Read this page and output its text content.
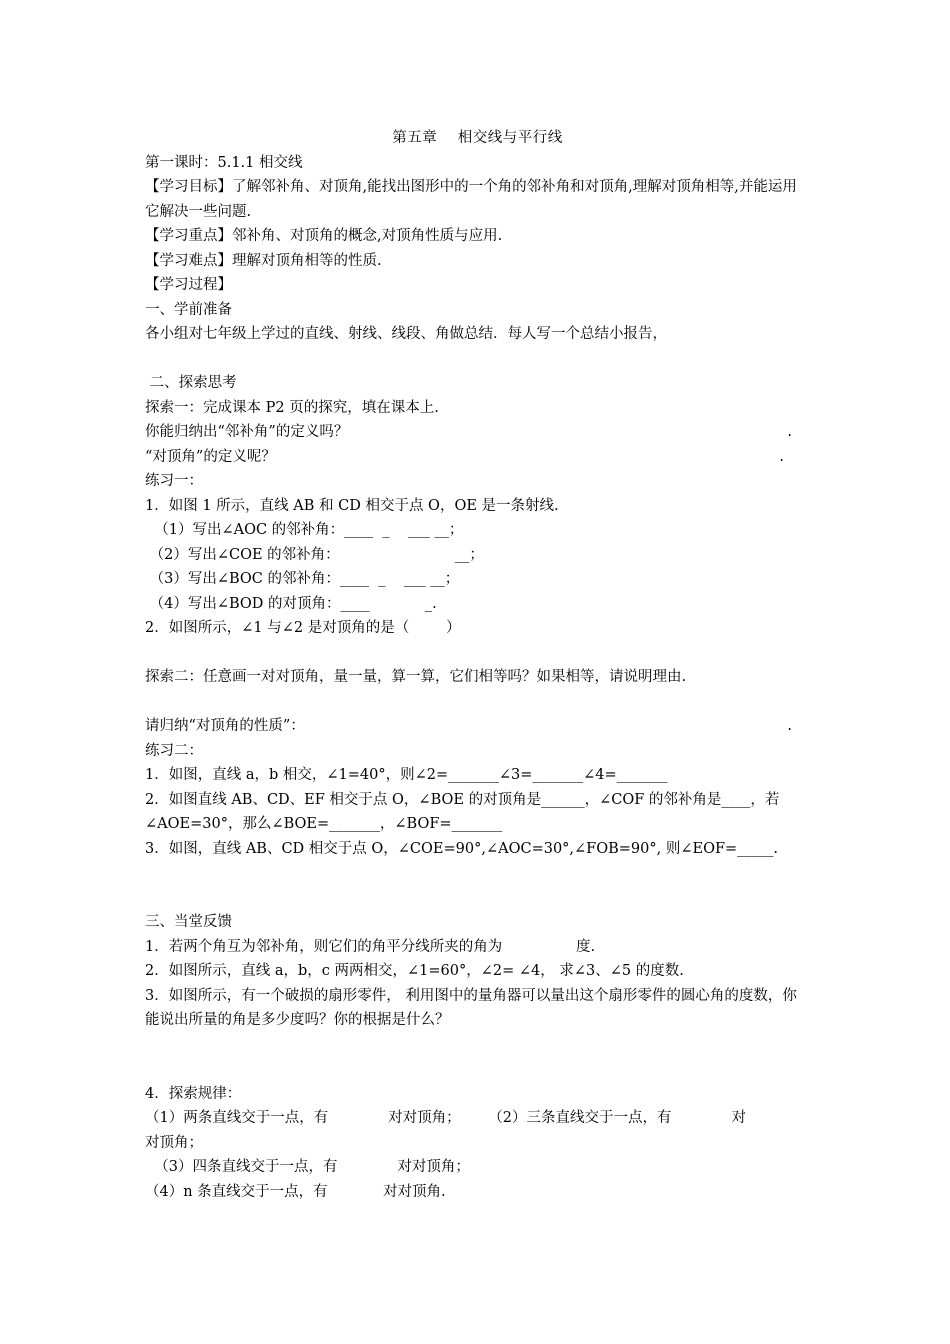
第五章    相交线与平行线
第一课时：5.1.1 相交线
【学习目标】了解邻补角、对顶角,能找出图形中的一个角的邻补角和对顶角,理解对顶角相等,并能运用它解决一些问题.
【学习重点】邻补角、对顶角的概念,对顶角性质与应用.
【学习难点】理解对顶角相等的性质.
【学习过程】
一、学前准备
各小组对七年级上学过的直线、射线、线段、角做总结．每人写一个总结小报告，
二、探索思考
探索一：完成课本 P2 页的探究，填在课本上.
你能归纳出“邻补角”的定义吗？	.
“对顶角”的定义呢？	.
练习一：
1．如图 1 所示，直线 AB 和 CD 相交于点 O，OE 是一条射线.
（1）写出∠AOC 的邻补角：____  _    ___ __；
（2）写出∠COE 的邻补角：                         __；
（3）写出∠BOC 的邻补角：____  _    ___ __；
（4）写出∠BOD 的对顶角：____            _.
2．如图所示，∠1 与∠2 是对顶角的是（        ）
探索二：任意画一对对顶角，量一量，算一算，它们相等吗？如果相等，请说明理由.
请归纳“对顶角的性质”：	.
练习二：
1．如图，直线 a，b 相交，∠1=40°，则∠2=_______∠3=_______∠4=_______
2．如图直线 AB、CD、EF 相交于点 O，∠BOE 的对顶角是______，∠COF 的邻补角是____，若∠AOE=30°，那么∠BOE=_______，∠BOF=_______
3．如图，直线 AB、CD 相交于点 O，∠COE=90°,∠AOC=30°,∠FOB=90°, 则∠EOF=_____.
三、当堂反馈
1．若两个角互为邻补角，则它们的角平分线所夹的角为                度.
2．如图所示，直线 a，b，c 两两相交，∠1=60°，∠2= ∠4， 求∠3、∠5 的度数.
3．如图所示，有一个破损的扇形零件， 利用图中的量角器可以量出这个扇形零件的圆心角的度数，你能说出所量的角是多少度吗？你的根据是什么？
4．探索规律：
（1）两条直线交于一点，有             对对顶角；      （2）三条直线交于一点，有             对
对顶角；
（3）四条直线交于一点，有             对对顶角；
（4）n 条直线交于一点，有            对对顶角.
